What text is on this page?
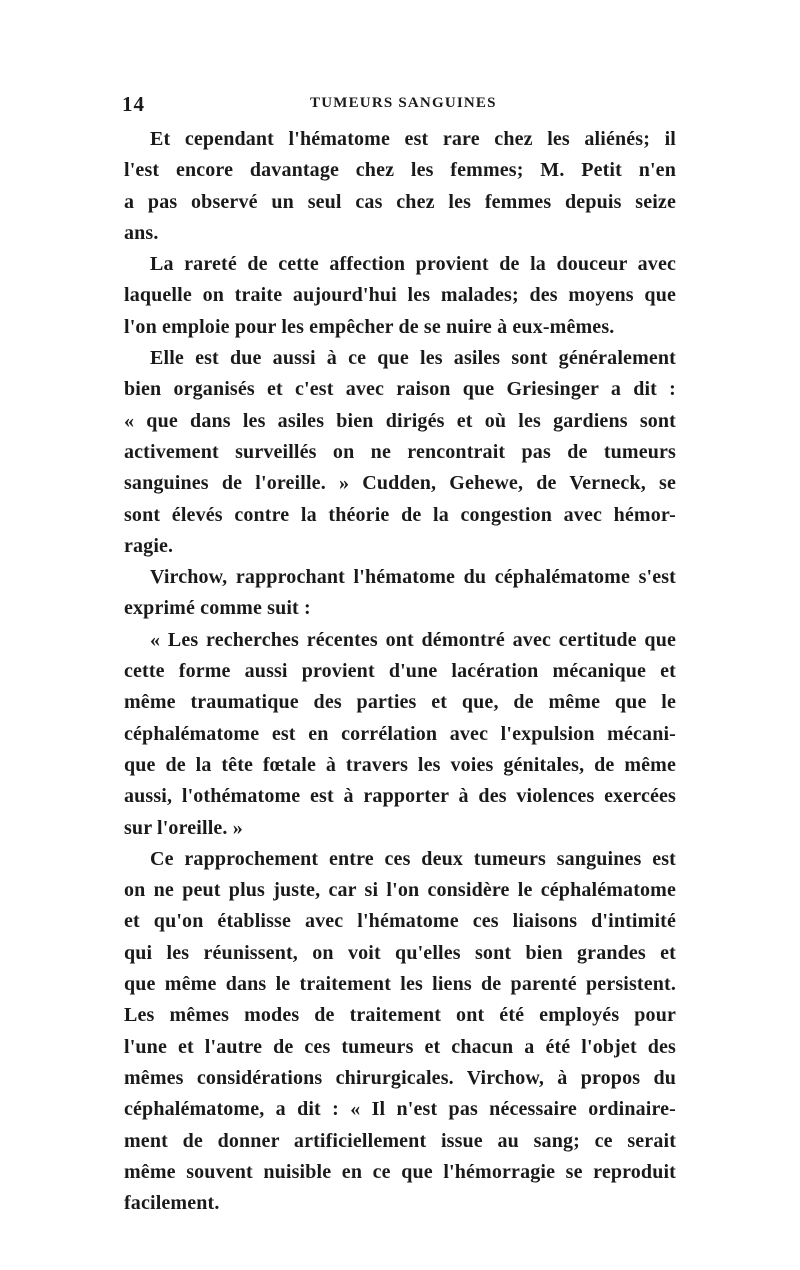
14	TUMEURS SANGUINES
Et cependant l'hématome est rare chez les aliénés; il
l'est encore davantage chez les femmes; M. Petit n'en
a pas observé un seul cas chez les femmes depuis seize
ans.
La rareté de cette affection provient de la douceur avec
laquelle on traite aujourd'hui les malades; des moyens que
l'on emploie pour les empêcher de se nuire à eux-mêmes.
Elle est due aussi à ce que les asiles sont généralement
bien organisés et c'est avec raison que Griesinger a dit :
« que dans les asiles bien dirigés et où les gardiens sont
activement surveillés on ne rencontrait pas de tumeurs
sanguines de l'oreille. » Cudden, Gehewe, de Verneck, se
sont élevés contre la théorie de la congestion avec hémor-
ragie.
Virchow, rapprochant l'hématome du céphalématome s'est
exprimé comme suit :
« Les recherches récentes ont démontré avec certitude que
cette forme aussi provient d'une lacération mécanique et
même traumatique des parties et que, de même que le
céphalématome est en corrélation avec l'expulsion mécani-
que de la tête fœtale à travers les voies génitales, de même
aussi, l'othématome est à rapporter à des violences exercées
sur l'oreille. »
Ce rapprochement entre ces deux tumeurs sanguines est
on ne peut plus juste, car si l'on considère le céphalématome
et qu'on établisse avec l'hématome ces liaisons d'intimité
qui les réunissent, on voit qu'elles sont bien grandes et
que même dans le traitement les liens de parenté persistent.
Les mêmes modes de traitement ont été employés pour
l'une et l'autre de ces tumeurs et chacun a été l'objet des
mêmes considérations chirurgicales. Virchow, à propos du
céphalématome, a dit : « Il n'est pas nécessaire ordinaire-
ment de donner artificiellement issue au sang; ce serait
même souvent nuisible en ce que l'hémorragie se reproduit
facilement.
